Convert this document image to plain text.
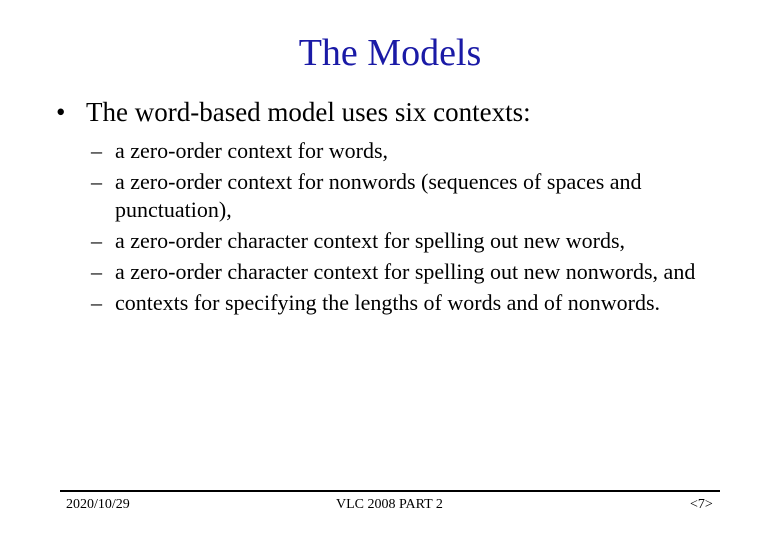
The Models
• The word-based model uses six contexts:
– a zero-order context for words,
– a zero-order context for nonwords (sequences of spaces and punctuation),
– a zero-order character context for spelling out new words,
– a zero-order character context for spelling out new nonwords, and
– contexts for specifying the lengths of words and of nonwords.
2020/10/29	VLC 2008 PART 2	<7>
